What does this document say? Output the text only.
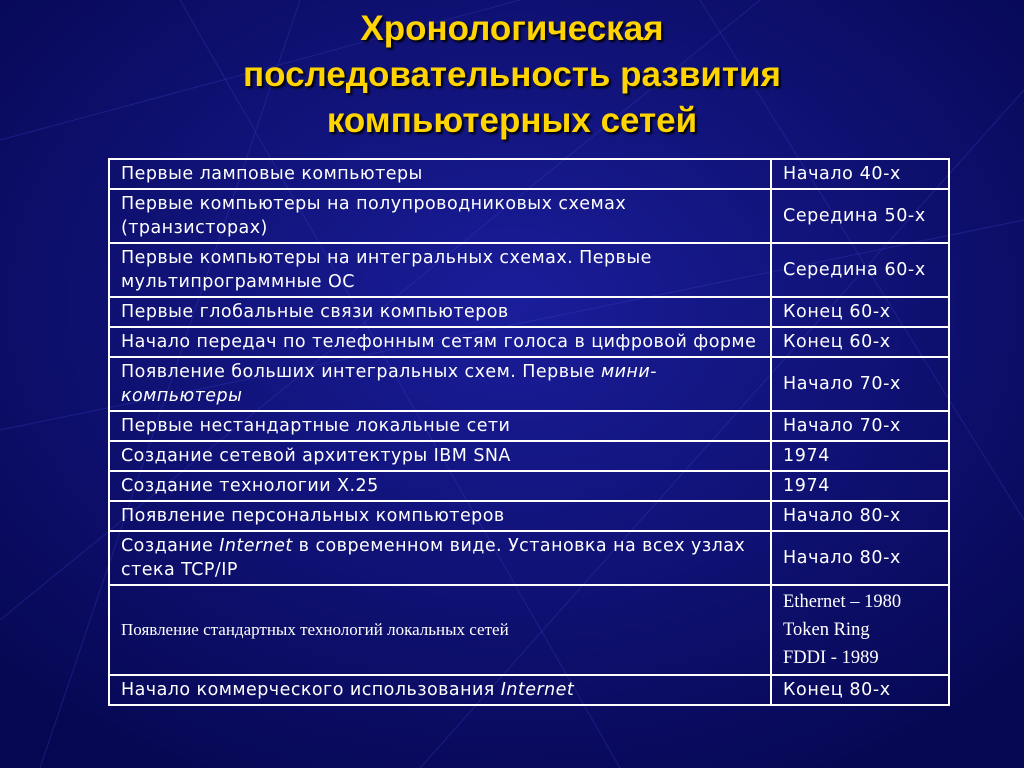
Хронологическая
последовательность развития
компьютерных сетей
Первые ламповые компьютеры	Начало 40-х
Первые компьютеры на полупроводниковых схемах (транзисторах)	Середина 50-х
Первые компьютеры на интегральных схемах. Первые мультипрограммные ОС	Середина 60-х
Первые глобальные связи компьютеров	Конец 60-х
Начало передач по телефонным сетям голоса в цифровой форме	Конец 60-х
Появление больших интегральных схем. Первые мини-компьютеры	Начало 70-х
Первые нестандартные локальные сети	Начало 70-х
Создание сетевой архитектуры IBM SNA	1974
Создание технологии X.25	1974
Появление персональных компьютеров	Начало 80-х
Создание Internet в современном виде. Установка на всех узлах стека TCP/IP	Начало 80-х
Появление стандартных технологий локальных сетей	Ethernet – 1980
Token Ring
FDDI - 1989

Начало коммерческого использования Internet	Конец 80-х
